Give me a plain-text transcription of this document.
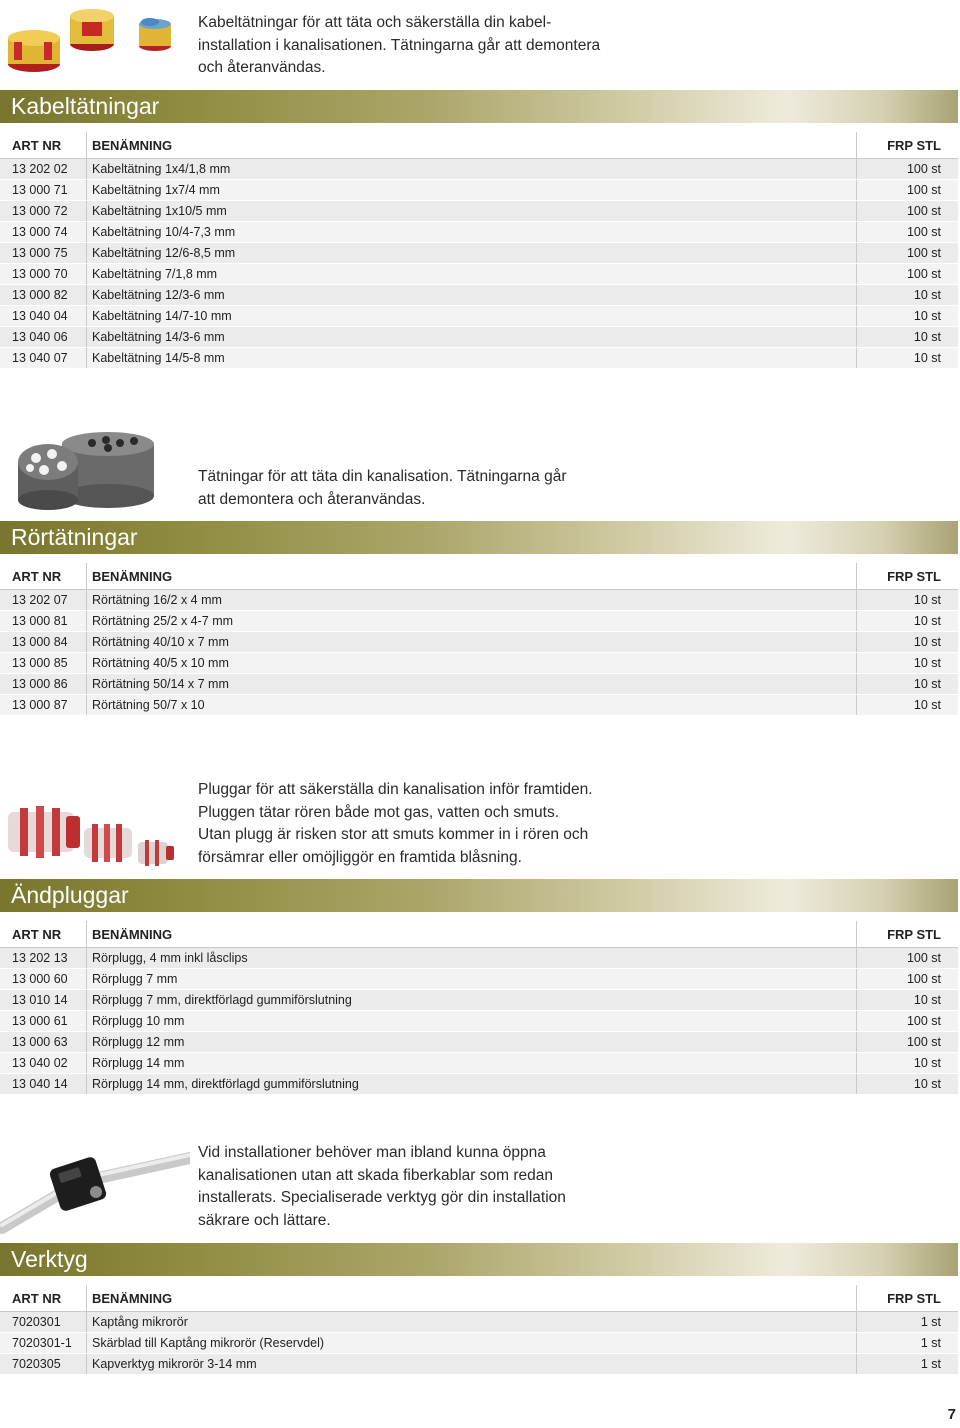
Kabeltätningar för att täta och säkerställa din kabel-

installation i kanalisationen. Tätningarna går att demontera

och återanvändas.

Kabeltätningar
ART NR	BENÄMNING	FRP STL
13 202 02	Kabeltätning 1x4/1,8 mm	100 st
13 000 71	Kabeltätning 1x7/4 mm	100 st
13 000 72	Kabeltätning 1x10/5 mm	100 st
13 000 74	Kabeltätning 10/4-7,3 mm	100 st
13 000 75	Kabeltätning 12/6-8,5 mm	100 st
13 000 70	Kabeltätning 7/1,8 mm	100 st
13 000 82	Kabeltätning 12/3-6 mm	10 st
13 040 04	Kabeltätning 14/7-10 mm	10 st
13 040 06	Kabeltätning 14/3-6 mm	10 st
13 040 07	Kabeltätning 14/5-8 mm	10 st

Tätningar för att täta din kanalisation. Tätningarna går

att demontera och återanvändas.

Rörtätningar
ART NR	BENÄMNING	FRP STL
13 202 07	Rörtätning 16/2 x 4 mm	10 st
13 000 81	Rörtätning 25/2 x 4-7 mm	10 st
13 000 84	Rörtätning 40/10 x 7 mm	10 st
13 000 85	Rörtätning 40/5 x 10 mm	10 st
13 000 86	Rörtätning 50/14 x 7 mm	10 st
13 000 87	Rörtätning 50/7 x 10	10 st

Pluggar för att säkerställa din kanalisation inför framtiden.

Pluggen tätar rören både mot gas, vatten och smuts.

Utan plugg är risken stor att smuts kommer in i rören och

försämrar eller omöjliggör en framtida blåsning.

Ändpluggar
ART NR	BENÄMNING	FRP STL
13 202 13	Rörplugg, 4 mm inkl låsclips	100 st
13 000 60	Rörplugg 7 mm	100 st
13 010 14	Rörplugg 7 mm, direktförlagd gummiförslutning	10 st
13 000 61	Rörplugg 10 mm	100 st
13 000 63	Rörplugg 12 mm	100 st
13 040 02	Rörplugg 14 mm	10 st
13 040 14	Rörplugg 14 mm, direktförlagd gummiförslutning	10 st

Vid installationer behöver man ibland kunna öppna

kanalisationen utan att skada fiberkablar som redan

installerats. Specialiserade verktyg gör din installation

säkrare och lättare.

Verktyg
ART NR	BENÄMNING	FRP STL
7020301	Kaptång mikrorör	1 st
7020301-1	Skärblad till Kaptång mikrorör (Reservdel)	1 st
7020305	Kapverktyg mikrorör 3-14 mm	1 st
7
